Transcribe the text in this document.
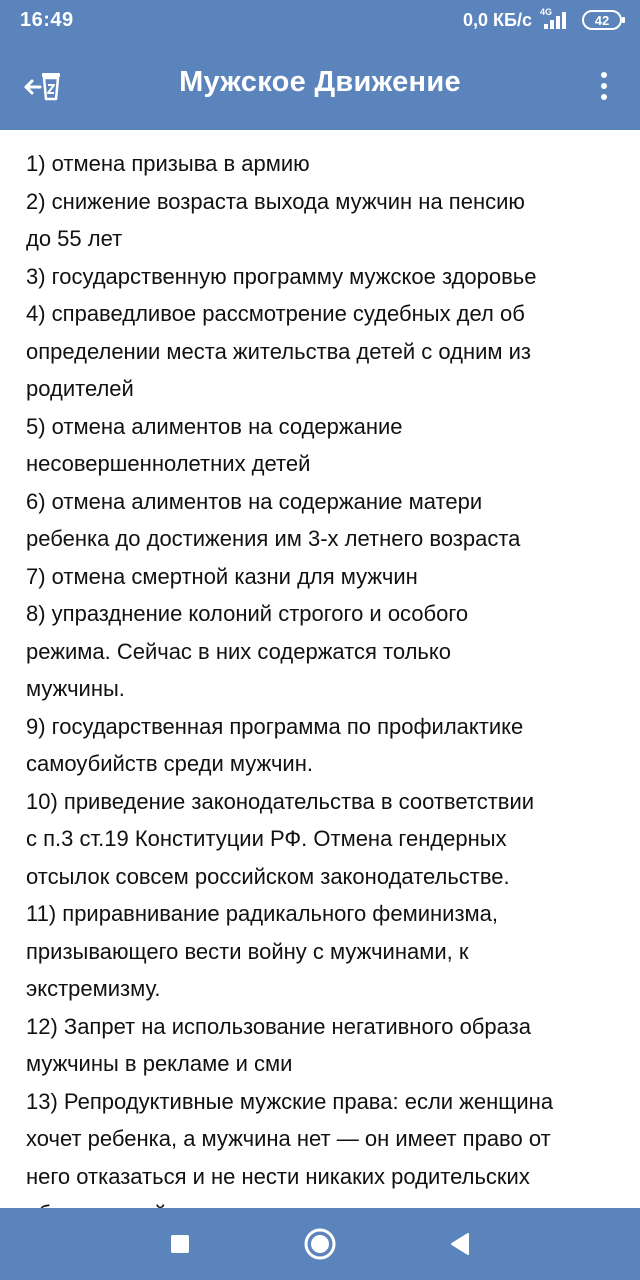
16:49	0,0 КБ/с 4G
42
Мужское Движение
1) отмена призыва в армию
2) снижение возраста выхода мужчин на пенсию
до 55 лет
3) государственную программу мужское здоровье
4) справедливое рассмотрение судебных дел об
определении места жительства детей с одним из
родителей
5) отмена алиментов на содержание
несовершеннолетних детей
6) отмена алиментов на содержание матери
ребенка до достижения им 3-х летнего возраста
7) отмена смертной казни для мужчин
8) упразднение колоний строгого и особого
режима. Сейчас в них содержатся только
мужчины.
9) государственная программа по профилактике
самоубийств среди мужчин.
10) приведение законодательства в соответствии
с п.3 ст.19 Конституции РФ. Отмена гендерных
отсылок совсем российском законодательстве.
11) приравнивание радикального феминизма,
призывающего вести войну с мужчинами, к
экстремизму.
12) Запрет на использование негативного образа
мужчины в рекламе и сми
13) Репродуктивные мужские права: если женщина
хочет ребенка, а мужчина нет — он имеет право от
него отказаться и не нести никаких родительских
